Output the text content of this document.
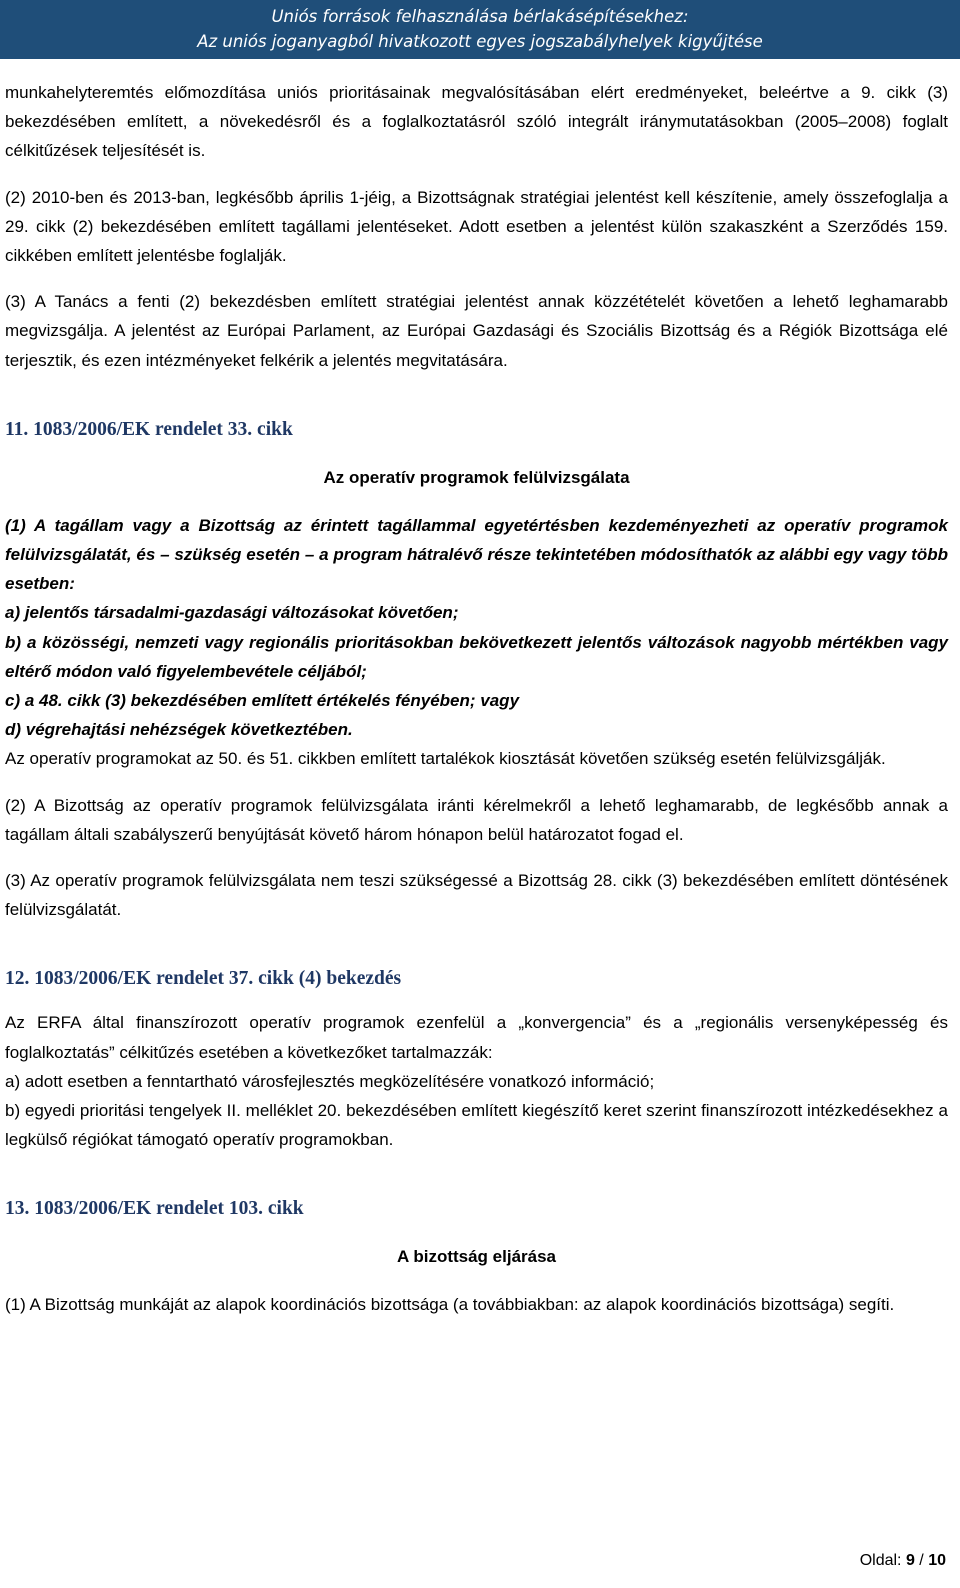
Uniós források felhasználása bérlakásépítésekhez:
Az uniós joganyagból hivatkozott egyes jogszabályhelyek kigyűjtése

munkahelyteremtés előmozdítása uniós prioritásainak megvalósításában elért eredményeket, beleértve a 9. cikk (3) bekezdésében említett, a növekedésről és a foglalkoztatásról szóló integrált iránymutatásokban (2005–2008) foglalt célkitűzések teljesítését is.

(2) 2010-ben és 2013-ban, legkésőbb április 1-jéig, a Bizottságnak stratégiai jelentést kell készítenie, amely összefoglalja a 29. cikk (2) bekezdésében említett tagállami jelentéseket. Adott esetben a jelentést külön szakaszként a Szerződés 159. cikkében említett jelentésbe foglalják.

(3) A Tanács a fenti (2) bekezdésben említett stratégiai jelentést annak közzétételét követően a lehető leghamarabb megvizsgálja. A jelentést az Európai Parlament, az Európai Gazdasági és Szociális Bizottság és a Régiók Bizottsága elé terjesztik, és ezen intézményeket felkérik a jelentés megvitatására.

11. 1083/2006/EK rendelet 33. cikk
Az operatív programok felülvizsgálata

(1) A tagállam vagy a Bizottság az érintett tagállammal egyetértésben kezdeményezheti az operatív programok felülvizsgálatát, és – szükség esetén – a program hátralévő része tekintetében módosíthatók az alábbi egy vagy több esetben:

a) jelentős társadalmi-gazdasági változásokat követően;

b) a közösségi, nemzeti vagy regionális prioritásokban bekövetkezett jelentős változások nagyobb mértékben vagy eltérő módon való figyelembevétele céljából;

c) a 48. cikk (3) bekezdésében említett értékelés fényében; vagy

d) végrehajtási nehézségek következtében.

Az operatív programokat az 50. és 51. cikkben említett tartalékok kiosztását követően szükség esetén felülvizsgálják.

(2) A Bizottság az operatív programok felülvizsgálata iránti kérelmekről a lehető leghamarabb, de legkésőbb annak a tagállam általi szabályszerű benyújtását követő három hónapon belül határozatot fogad el.

(3) Az operatív programok felülvizsgálata nem teszi szükségessé a Bizottság 28. cikk (3) bekezdésében említett döntésének felülvizsgálatát.

12. 1083/2006/EK rendelet 37. cikk (4) bekezdés

Az ERFA által finanszírozott operatív programok ezenfelül a „konvergencia” és a „regionális versenyképesség és foglalkoztatás” célkitűzés esetében a következőket tartalmazzák:

a) adott esetben a fenntartható városfejlesztés megközelítésére vonatkozó információ;

b) egyedi prioritási tengelyek II. melléklet 20. bekezdésében említett kiegészítő keret szerint finanszírozott intézkedésekhez a legkülső régiókat támogató operatív programokban.

13. 1083/2006/EK rendelet 103. cikk
A bizottság eljárása

(1) A Bizottság munkáját az alapok koordinációs bizottsága (a továbbiakban: az alapok koordinációs bizottsága) segíti.

Oldal: 9 / 10
